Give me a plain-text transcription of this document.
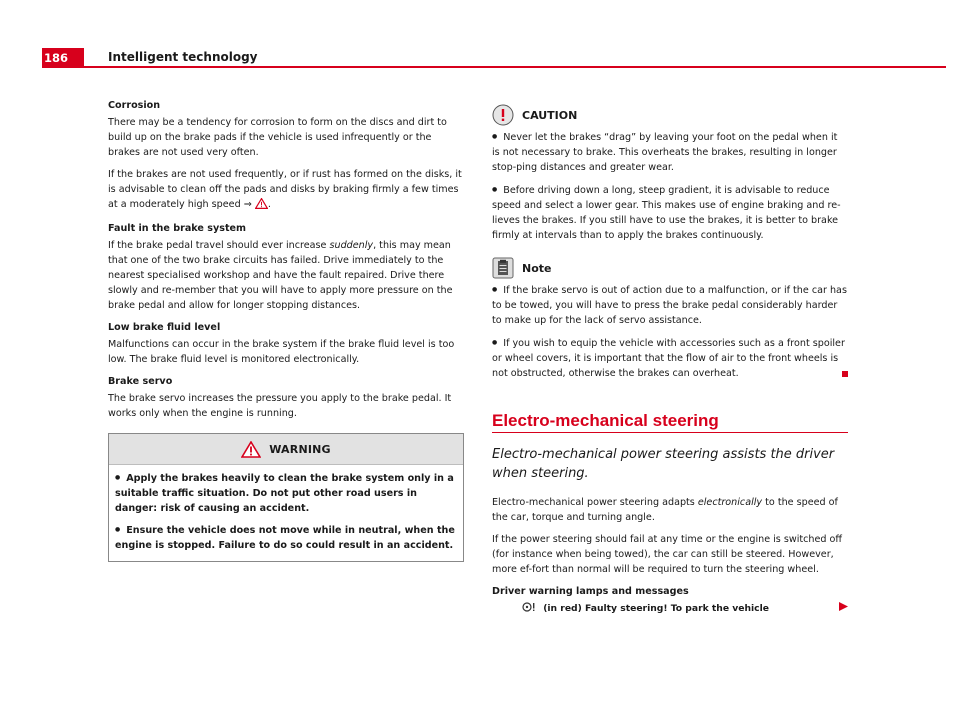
186	Intelligent technology
Corrosion

There may be a tendency for corrosion to form on the discs and dirt to build up on the brake pads if the vehicle is used infrequently or the brakes are not used very often.

If the brakes are not used frequently, or if rust has formed on the disks, it is advisable to clean off the pads and disks by braking firmly a few times at a moderately high speed ⇒ .

Fault in the brake system

If the brake pedal travel should ever increase suddenly, this may mean that one of the two brake circuits has failed. Drive immediately to the nearest specialised workshop and have the fault repaired. Drive there slowly and re-member that you will have to apply more pressure on the brake pedal and allow for longer stopping distances.

Low brake fluid level

Malfunctions can occur in the brake system if the brake fluid level is too low. The brake fluid level is monitored electronically.

Brake servo

The brake servo increases the pressure you apply to the brake pedal. It works only when the engine is running.

WARNING

● Apply the brakes heavily to clean the brake system only in a suitable traffic situation. Do not put other road users in danger: risk of causing an accident.

● Ensure the vehicle does not move while in neutral, when the engine is stopped. Failure to do so could result in an accident.

CAUTION

● Never let the brakes “drag” by leaving your foot on the pedal when it is not necessary to brake. This overheats the brakes, resulting in longer stop-ping distances and greater wear.

● Before driving down a long, steep gradient, it is advisable to reduce speed and select a lower gear. This makes use of engine braking and re-lieves the brakes. If you still have to use the brakes, it is better to brake firmly at intervals than to apply the brakes continuously.

Note

● If the brake servo is out of action due to a malfunction, or if the car has to be towed, you will have to press the brake pedal considerably harder to make up for the lack of servo assistance.

● If you wish to equip the vehicle with accessories such as a front spoiler or wheel covers, it is important that the flow of air to the front wheels is not obstructed, otherwise the brakes can overheat.

Electro-mechanical steering
Electro-mechanical power steering assists the driver when steering.

Electro-mechanical power steering adapts electronically to the speed of the car, torque and turning angle.

If the power steering should fail at any time or the engine is switched off (for instance when being towed), the car can still be steered. However, more ef-fort than normal will be required to turn the steering wheel.

Driver warning lamps and messages
(in red) Faulty steering! To park the vehicle
